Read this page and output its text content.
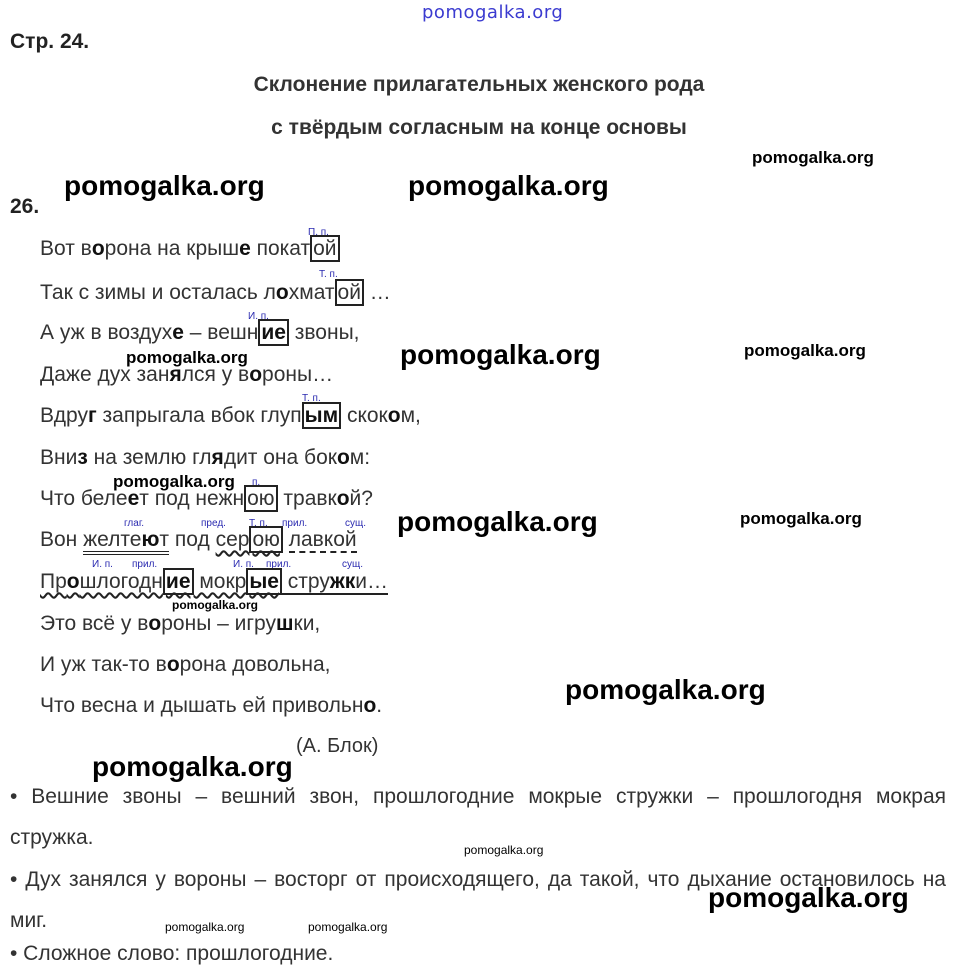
pomogalka.org
Стр. 24.
Склонение прилагательных женского рода
с твёрдым согласным на конце основы
26.
П. п.
Т. п.
И. п.
Т. п.
п.
глаг.	пред. Т. п. прил.	сущ.
И. п. прил.	И. п. прил.	сущ.
Вот ворона на крыше покат ой
Так с зимы и осталась лохмат ой …
А уж в воздухе – вешн ие звоны,
Даже дух занялся у вороны…
Вдруг запрыгала вбок глуп ым скоком,
Вниз на землю глядит она боком:
Что белеет под нежн ою травкой?
Вон желтеют под сер ою лавкой
Прошлогодн ие мокр ые стружки…
Это всё у вороны – игрушки,
И уж так-то ворона довольна,
Что весна и дышать ей привольно.
(А. Блок)
• Вешние звоны – вешний звон, прошлогодние мокрые стружки – прошлогодня мокрая стружка.
• Дух занялся у вороны – восторг от происходящего, да такой, что дыхание остановилось на миг.
• Сложное слово: прошлогодние.
pomogalka.org
pomogalka.org	pomogalka.org
pomogalka.org	pomogalka.org	pomogalka.org
pomogalka.org
pomogalka.org	pomogalka.org
pomogalka.org
pomogalka.org
pomogalka.org
pomogalka.org
pomogalka.org
pomogalka.org	pomogalka.org
